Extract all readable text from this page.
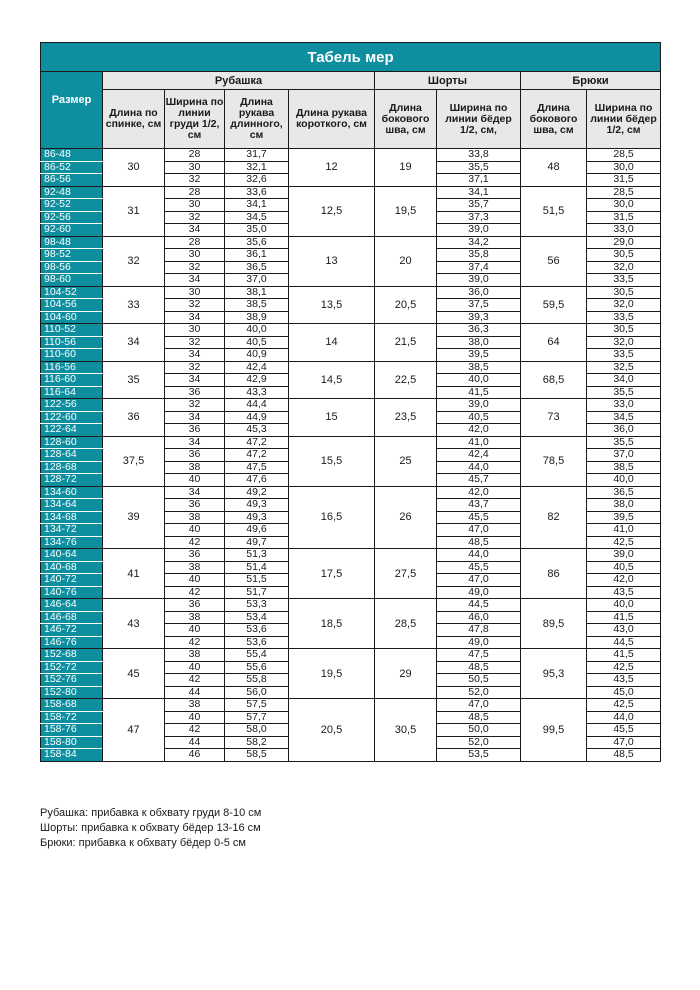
Табель мер								
Размер	Рубашка				Шорты		Брюки	
	Длина по спинке, см	Ширина по линии груди 1/2, см	Длина рукава длинного, см	Длина рукава короткого, см	Длина бокового шва, см	Ширина по линии бёдер 1/2, см,	Длина бокового шва, см	Ширина по линии бёдер 1/2, см
86-48	30	28	31,7	12	19	33,8	48	28,5
86-52		30	32,1			35,5		30,0
86-56		32	32,6			37,1		31,5
92-48	31	28	33,6	12,5	19,5	34,1	51,5	28,5
92-52		30	34,1			35,7		30,0
92-56		32	34,5			37,3		31,5
92-60		34	35,0			39,0		33,0
98-48	32	28	35,6	13	20	34,2	56	29,0
98-52		30	36,1			35,8		30,5
98-56		32	36,5			37,4		32,0
98-60		34	37,0			39,0		33,5
104-52	33	30	38,1	13,5	20,5	36,0	59,5	30,5
104-56		32	38,5			37,5		32,0
104-60		34	38,9			39,3		33,5
110-52	34	30	40,0	14	21,5	36,3	64	30,5
110-56		32	40,5			38,0		32,0
110-60		34	40,9			39,5		33,5
116-56	35	32	42,4	14,5	22,5	38,5	68,5	32,5
116-60		34	42,9			40,0		34,0
116-64		36	43,3			41,5		35,5
122-56	36	32	44,4	15	23,5	39,0	73	33,0
122-60		34	44,9			40,5		34,5
122-64		36	45,3			42,0		36,0
128-60	37,5	34	47,2	15,5	25	41,0	78,5	35,5
128-64		36	47,2			42,4		37,0
128-68		38	47,5			44,0		38,5
128-72		40	47,6			45,7		40,0
134-60	39	34	49,2	16,5	26	42,0	82	36,5
134-64		36	49,3			43,7		38,0
134-68		38	49,3			45,5		39,5
134-72		40	49,6			47,0		41,0
134-76		42	49,7			48,5		42,5
140-64	41	36	51,3	17,5	27,5	44,0	86	39,0
140-68		38	51,4			45,5		40,5
140-72		40	51,5			47,0		42,0
140-76		42	51,7			49,0		43,5
146-64	43	36	53,3	18,5	28,5	44,5	89,5	40,0
146-68		38	53,4			46,0		41,5
146-72		40	53,6			47,8		43,0
146-76		42	53,6			49,0		44,5
152-68	45	38	55,4	19,5	29	47,5	95,3	41,5
152-72		40	55,6			48,5		42,5
152-76		42	55,8			50,5		43,5
152-80		44	56,0			52,0		45,0
158-68	47	38	57,5	20,5	30,5	47,0	99,5	42,5
158-72		40	57,7			48,5		44,0
158-76		42	58,0			50,0		45,5
158-80		44	58,2			52,0		47,0
158-84		46	58,5			53,5		48,5
Рубашка: прибавка к обхвату груди 8-10 см
Шорты: прибавка к обхвату бёдер 13-16 см
Брюки: прибавка к обхвату бёдер 0-5 см
